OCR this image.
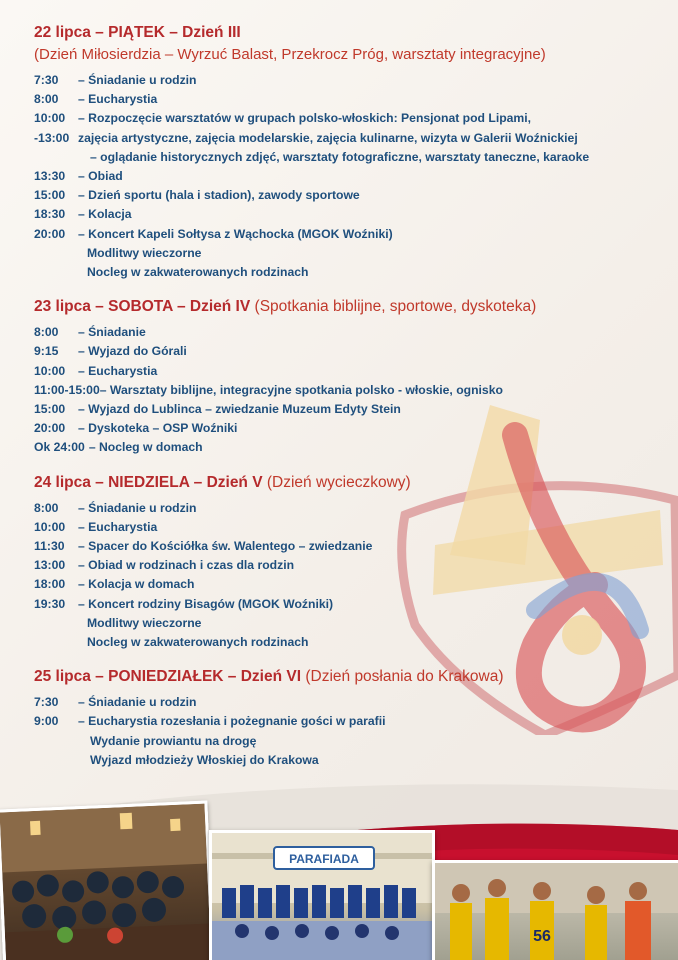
22 lipca – PIĄTEK – Dzień III
(Dzień Miłosierdzia – Wyrzuć Balast, Przekrocz Próg, warsztaty integracyjne)
7:30	– Śniadanie u rodzin
8:00	– Eucharystia
10:00	– Rozpoczęcie warsztatów w grupach polsko-włoskich: Pensjonat pod Lipami,
-13:00 zajęcia artystyczne, zajęcia modelarskie, zajęcia kulinarne, wizyta w Galerii Woźnickiej
– oglądanie historycznych zdjęć, warsztaty fotograficzne, warsztaty taneczne, karaoke
13:30	– Obiad
15:00	– Dzień sportu (hala i stadion), zawody sportowe
18:30	– Kolacja
20:00	– Koncert Kapeli Sołtysa z Wąchocka (MGOK Woźniki)
Modlitwy wieczorne
Nocleg w zakwaterowanych rodzinach
23 lipca – SOBOTA – Dzień IV (Spotkania biblijne, sportowe, dyskoteka)
8:00	– Śniadanie
9:15	– Wyjazd do Górali
10:00	– Eucharystia
11:00-15:00 – Warsztaty biblijne, integracyjne spotkania polsko - włoskie, ognisko
15:00	– Wyjazd do Lublinca – zwiedzanie Muzeum Edyty Stein
20:00	– Dyskoteka – OSP Woźniki
Ok 24:00 – Nocleg w domach
24 lipca – NIEDZIELA – Dzień V (Dzień wycieczkowy)
8:00	– Śniadanie u rodzin
10:00	– Eucharystia
11:30	– Spacer do Kościółka św. Walentego – zwiedzanie
13:00	– Obiad w rodzinach i czas dla rodzin
18:00	– Kolacja w domach
19:30	– Koncert rodziny Bisagów (MGOK Woźniki)
Modlitwy wieczorne
Nocleg w zakwaterowanych rodzinach
25 lipca – PONIEDZIAŁEK – Dzień VI (Dzień posłania do Krakowa)
7:30	– Śniadanie u rodzin
9:00	– Eucharystia rozesłania i pożegnanie gości w parafii
Wydanie prowiantu na drogę
Wyjazd młodzieży Włoskiej do Krakowa
PARAFIADA
56
